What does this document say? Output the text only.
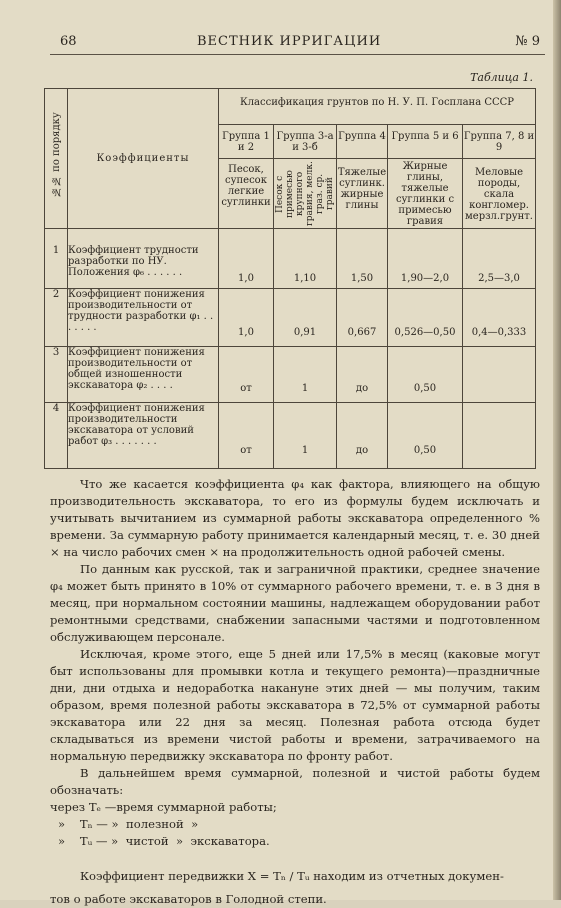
68	ВЕСТНИК ИРРИГАЦИИ	№ 9
Таблица 1.
№№ по порядку	Коэффициенты	Классификация грунтов по Н. У. П. Госплана СССР				
		Группа 1 и 2	Группа 3-а и 3-б	Группа 4	Группа 5 и 6	Группа 7, 8 и 9
		Песок, супесок легкие суглинки	Песок с примесью крупного гравия, мелк. граз. ср. гравий	Тяжелые суглинк. жирные глины	Жирные глины, тяжелые суглинки с примесью гравия	Меловые породы, скала конгломер. мерзл.грунт.
1	Коэффициент трудности разработки по НУ. Положения φ₆ . . . . . .	1,0	1,10	1,50	1,90—2,0	2,5—3,0
2	Коэффициент понижения производительности от трудности разработки φ₁ . . . . . . .	1,0	0,91	0,667	0,526—0,50	0,4—0,333
3	Коэффициент понижения производительности от общей изношенности экскаватора φ₂ . . . .	от	1	до	0,50	
4	Коэффициент понижения производительности экскаватора от условий работ φ₃ . . . . . . .	от	1	до	0,50	

Что же касается коэффициента φ₄ как фактора, влияющего на общую производительность экскаватора, то его из формулы будем исключать и учитывать вычитанием из суммарной работы экскаватора определенного % времени. За суммарную работу принимается календарный месяц, т. е. 30 дней × на число рабочих смен × на продолжительность одной рабочей смены.

По данным как русской, так и заграничной практики, среднее значение φ₄ может быть принято в 10% от суммарного рабочего времени, т. е. в 3 дня в месяц, при нормальном состоянии машины, надлежащем оборудовании работ ремонтными средствами, снабжении запасными частями и подготовленном обслуживающем персонале.

Исключая, кроме этого, еще 5 дней или 17,5% в месяц (каковые могут быт использованы для промывки котла и текущего ремонта)—праздничные дни, дни отдыха и недоработка накануне этих дней — мы получим, таким образом, время полезной работы экскаватора в 72,5% от суммарной работы экскаватора или 22 дня за месяц. Полезная работа отсюда будет складываться из времени чистой работы и времени, затрачиваемого на нормальную передвижку экскаватора по фронту работ.

В дальнейшем время суммарной, полезной и чистой работы будем обозначать:

через Tₑ —время суммарной работы;

»    Tₙ — »  полезной  »

»    Tᵤ — »  чистой  »  экскаватора.

Коэффициент передвижки X = Tₙ / Tᵤ находим из отчетных докумен-

тов о работе экскаваторов в Голодной степи.
